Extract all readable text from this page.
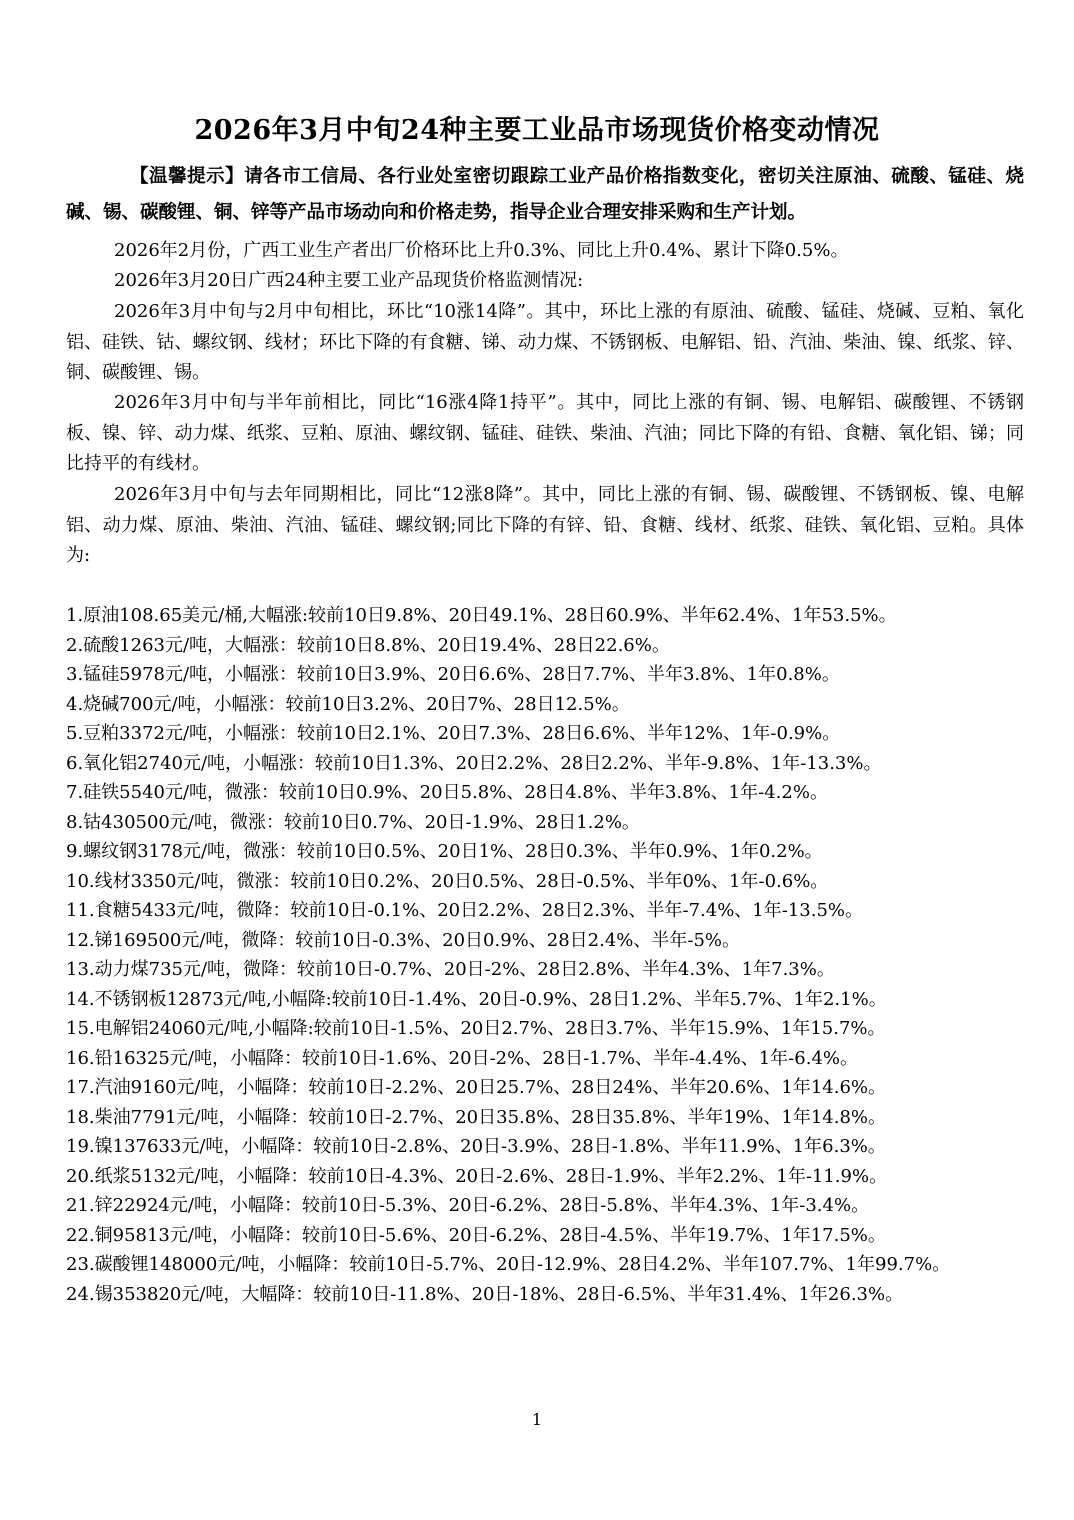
2026年3月中旬24种主要工业品市场现货价格变动情况
【温馨提示】请各市工信局、各行业处室密切跟踪工业产品价格指数变化，密切关注原油、硫酸、锰硅、烧碱、锡、碳酸锂、铜、锌等产品市场动向和价格走势，指导企业合理安排采购和生产计划。
2026年2月份，广西工业生产者出厂价格环比上升0.3%、同比上升0.4%、累计下降0.5%。
2026年3月20日广西24种主要工业产品现货价格监测情况:
2026年3月中旬与2月中旬相比，环比“10涨14降”。其中，环比上涨的有原油、硫酸、锰硅、烧碱、豆粕、氧化铝、硅铁、钴、螺纹钢、线材；环比下降的有食糖、锑、动力煤、不锈钢板、电解铝、铅、汽油、柴油、镍、纸浆、锌、铜、碳酸锂、锡。
2026年3月中旬与半年前相比，同比“16涨4降1持平”。其中，同比上涨的有铜、锡、电解铝、碳酸锂、不锈钢板、镍、锌、动力煤、纸浆、豆粕、原油、螺纹钢、锰硅、硅铁、柴油、汽油；同比下降的有铅、食糖、氧化铝、锑；同比持平的有线材。
2026年3月中旬与去年同期相比，同比“12涨8降”。其中，同比上涨的有铜、锡、碳酸锂、不锈钢板、镍、电解铝、动力煤、原油、柴油、汽油、锰硅、螺纹钢;同比下降的有锌、铅、食糖、线材、纸浆、硅铁、氧化铝、豆粕。具体为:
1.原油108.65美元/桶,大幅涨:较前10日9.8%、20日49.1%、28日60.9%、半年62.4%、1年53.5%。
2.硫酸1263元/吨，大幅涨：较前10日8.8%、20日19.4%、28日22.6%。
3.锰硅5978元/吨，小幅涨：较前10日3.9%、20日6.6%、28日7.7%、半年3.8%、1年0.8%。
4.烧碱700元/吨，小幅涨：较前10日3.2%、20日7%、28日12.5%。
5.豆粕3372元/吨，小幅涨：较前10日2.1%、20日7.3%、28日6.6%、半年12%、1年-0.9%。
6.氧化铝2740元/吨，小幅涨：较前10日1.3%、20日2.2%、28日2.2%、半年-9.8%、1年-13.3%。
7.硅铁5540元/吨，微涨：较前10日0.9%、20日5.8%、28日4.8%、半年3.8%、1年-4.2%。
8.钴430500元/吨，微涨：较前10日0.7%、20日-1.9%、28日1.2%。
9.螺纹钢3178元/吨，微涨：较前10日0.5%、20日1%、28日0.3%、半年0.9%、1年0.2%。
10.线材3350元/吨，微涨：较前10日0.2%、20日0.5%、28日-0.5%、半年0%、1年-0.6%。
11.食糖5433元/吨，微降：较前10日-0.1%、20日2.2%、28日2.3%、半年-7.4%、1年-13.5%。
12.锑169500元/吨，微降：较前10日-0.3%、20日0.9%、28日2.4%、半年-5%。
13.动力煤735元/吨，微降：较前10日-0.7%、20日-2%、28日2.8%、半年4.3%、1年7.3%。
14.不锈钢板12873元/吨,小幅降:较前10日-1.4%、20日-0.9%、28日1.2%、半年5.7%、1年2.1%。
15.电解铝24060元/吨,小幅降:较前10日-1.5%、20日2.7%、28日3.7%、半年15.9%、1年15.7%。
16.铅16325元/吨，小幅降：较前10日-1.6%、20日-2%、28日-1.7%、半年-4.4%、1年-6.4%。
17.汽油9160元/吨，小幅降：较前10日-2.2%、20日25.7%、28日24%、半年20.6%、1年14.6%。
18.柴油7791元/吨，小幅降：较前10日-2.7%、20日35.8%、28日35.8%、半年19%、1年14.8%。
19.镍137633元/吨，小幅降：较前10日-2.8%、20日-3.9%、28日-1.8%、半年11.9%、1年6.3%。
20.纸浆5132元/吨，小幅降：较前10日-4.3%、20日-2.6%、28日-1.9%、半年2.2%、1年-11.9%。
21.锌22924元/吨，小幅降：较前10日-5.3%、20日-6.2%、28日-5.8%、半年4.3%、1年-3.4%。
22.铜95813元/吨，小幅降：较前10日-5.6%、20日-6.2%、28日-4.5%、半年19.7%、1年17.5%。
23.碳酸锂148000元/吨，小幅降：较前10日-5.7%、20日-12.9%、28日4.2%、半年107.7%、1年99.7%。
24.锡353820元/吨，大幅降：较前10日-11.8%、20日-18%、28日-6.5%、半年31.4%、1年26.3%。
1
